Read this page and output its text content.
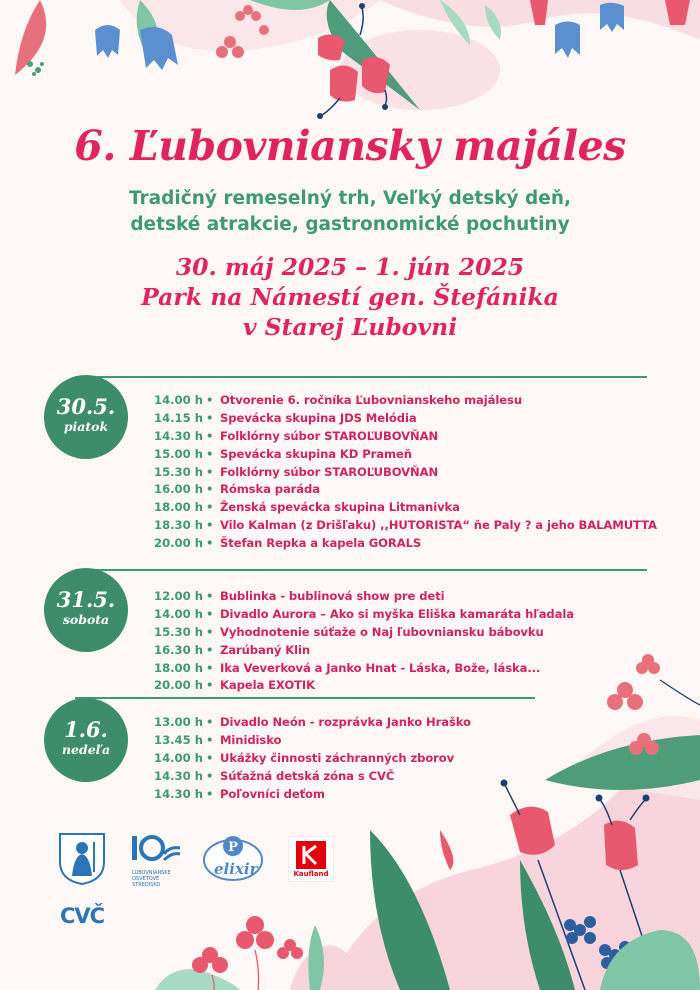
6. Ľubovniansky majáles
Tradičný remeselný trh, Veľký detský deň,
detské atrakcie, gastronomické pochutiny
30. máj 2025 – 1. jún 2025
Park na Námestí gen. Štefánika
v Starej Ľubovni
30.5.
piatok
14.00 h • Otvorenie 6. ročníka Ľubovnianskeho majálesu
14.15 h • Spevácka skupina JDS Melódia
14.30 h • Folklórny súbor STAROĽUBOVŇAN
15.00 h • Spevácka skupina KD Prameň
15.30 h • Folklórny súbor STAROĽUBOVŇAN
16.00 h • Rómska paráda
18.00 h • Ženská spevácka skupina Litmanivka
18.30 h • Vilo Kalman (z Drišľaku) ,,HUTORISTA“ ňe Paly ? a jeho BALAMUTTA
20.00 h • Štefan Repka a kapela GORALS
31.5.
sobota
12.00 h • Bublinka - bublinová show pre deti
14.00 h • Divadlo Aurora – Ako si myška Eliška kamaráta hľadala
15.30 h • Vyhodnotenie súťaže o Naj ľubovniansku bábovku
16.30 h • Zarúbaný Klin
18.00 h • Ika Veverková a Janko Hnat - Láska, Bože, láska...
20.00 h • Kapela EXOTIK
1.6.
nedeľa
13.00 h • Divadlo Neón - rozprávka Janko Hraško
13.45 h • Minidisko
14.00 h • Ukážky činnosti záchranných zborov
14.30 h • Súťažná detská zóna s CVČ
14.30 h • Poľovníci deťom
ĽUBOVNIANSKE
OSVETOVÉ
STREDISKO
P
elixir	Kaufland
CVČ
